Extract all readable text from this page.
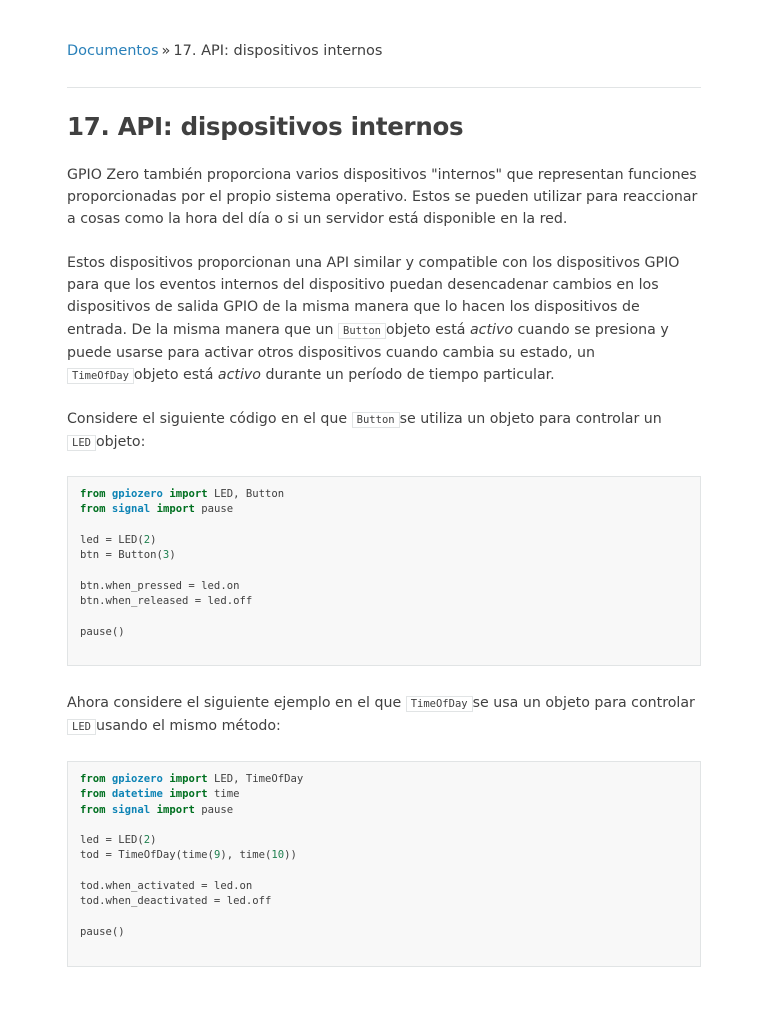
Documentos » 17. API: dispositivos internos
17. API: dispositivos internos

GPIO Zero también proporciona varios dispositivos "internos" que representan funciones proporcionadas por el propio sistema operativo. Estos se pueden utilizar para reaccionar a cosas como la hora del día o si un servidor está disponible en la red.

Estos dispositivos proporcionan una API similar y compatible con los dispositivos GPIO para que los eventos internos del dispositivo puedan desencadenar cambios en los dispositivos de salida GPIO de la misma manera que lo hacen los dispositivos de entrada. De la misma manera que un Button objeto está activo cuando se presiona y puede usarse para activar otros dispositivos cuando cambia su estado, un TimeOfDay objeto está activo durante un período de tiempo particular.

Considere el siguiente código en el que Button se utiliza un objeto para controlar un LED objeto:

from gpiozero import LED, Button
from signal import pause
led = LED(2)
btn = Button(3)
btn.when_pressed = led.on
btn.when_released = led.off
pause()

Ahora considere el siguiente ejemplo en el que TimeOfDay se usa un objeto para controlar LED usando el mismo método:

from gpiozero import LED, TimeOfDay
from datetime import time
from signal import pause
led = LED(2)
tod = TimeOfDay(time(9), time(10))
tod.when_activated = led.on
tod.when_deactivated = led.off
pause()
